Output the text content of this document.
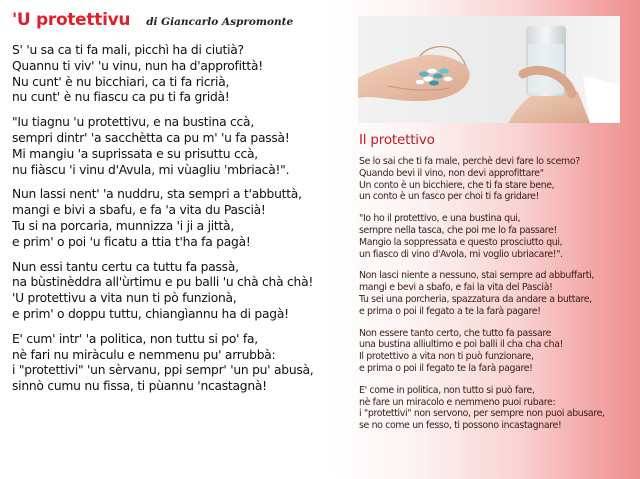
'U protettivu di Giancarlo Aspromonte
S' 'u sa ca ti fa mali, picchì ha di ciutià?
Quannu ti viv' 'u vinu, nun ha d'approfittà!
Nu cunt' è nu bicchiari, ca ti fa ricrià,
nu cunt' è nu fiascu ca pu ti fa gridà!
"Iu tiagnu 'u protettivu, e na bustina ccà,
sempri dintr' 'a sacchètta ca pu m' 'u fa passà!
Mi mangiu 'a suprissata e su prisuttu ccà,
nu fiàscu 'i vinu d'Avula, mi vùagliu 'mbriacà!".
Nun lassi nent' 'a nuddru, sta sempri a t'abbuttà,
mangi e bivi a sbafu, e fa 'a vita du Pascià!
Tu si na porcaria, munnizza 'i ji a jittà,
e prim' o poi 'u ficatu a ttia t'ha fa pagà!
Nun essi tantu certu ca tuttu fa passà,
na bùstinèddra all'ùrtimu e pu balli 'u chà chà chà!
'U protettivu a vita nun ti pò funzionà,
e prim' o doppu tuttu, chiangìannu ha di pagà!
E' cum' intr' 'a politica, non tuttu si po' fa,
nè fari nu miràculu e nemmenu pu' arrubbà:
i "protettivi" 'un sèrvanu, ppi sempr' 'un pu' abusà,
sinnò cumu nu fissa, ti pùannu 'ncastagnà!
Il protettivo
Se lo sai che ti fa male, perchè devi fare lo scemo?
Quando bevi il vino, non devi approfittare"
Un conto è un bicchiere, che ti fa stare bene,
un conto è un fasco per choi ti fa gridare!
"Io ho il protettivo, e una bustina qui,
sempre nella tasca, che poi me lo fa passare!
Mangio la soppressata e questo prosciutto qui,
un fiasco di vino d'Avola, mi voglio ubriacare!".
Non lasci niente a nessuno, stai sempre ad abbuffarti,
mangi e bevi a sbafo, e fai la vita del Pascià!
Tu sei una porcheria, spazzatura da andare a buttare,
e prima o poi il fegato a te la farà pagare!
Non essere tanto certo, che tutto fa passare
una bustina alliultimo e poi balli il cha cha cha!
Il protettivo a vita non ti può funzionare,
e prima o poi il fegato te la farà pagare!
E' come in politica, non tutto si può fare,
nè fare un miracolo e nemmeno puoi rubare:
i "protettivi" non servono, per sempre non puoi abusare,
se no come un fesso, ti possono incastagnare!
